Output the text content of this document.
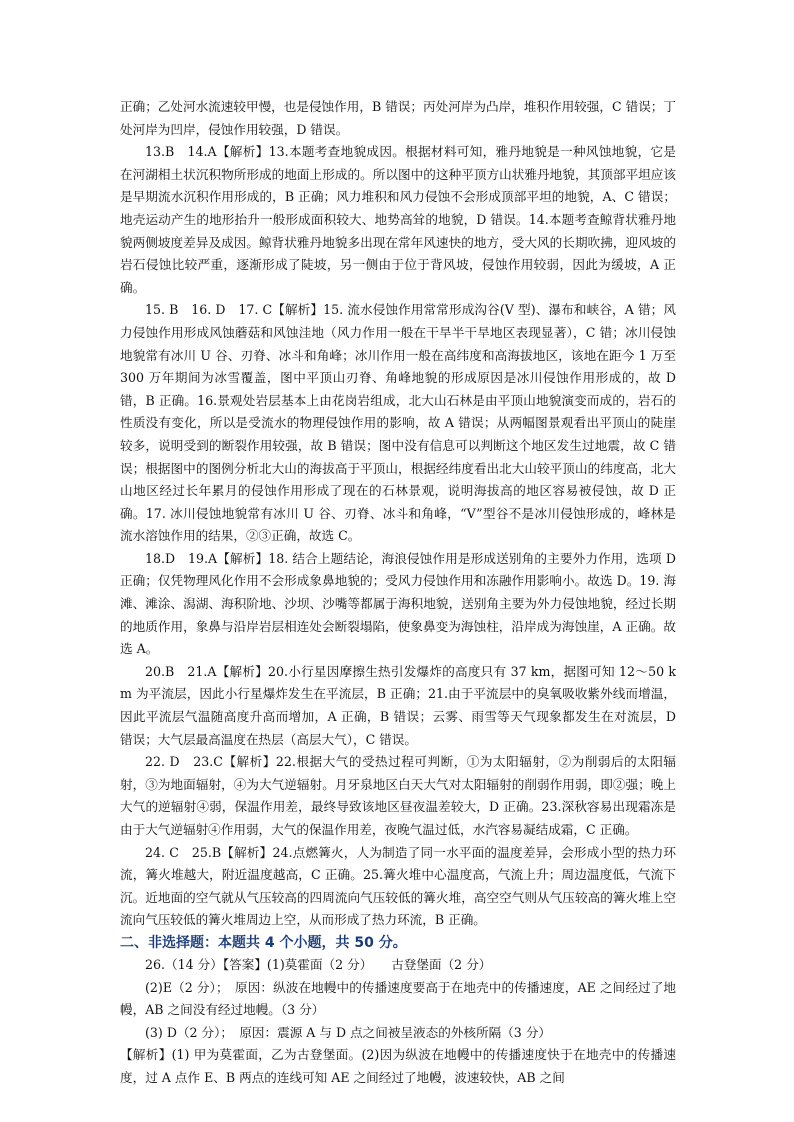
正确；乙处河水流速较甲慢，也是侵蚀作用，B 错误；丙处河岸为凸岸，堆积作用较强，C 错误；丁处河岸为凹岸，侵蚀作用较强，D 错误。

13.B　14.A【解析】13.本题考查地貌成因。根据材料可知，雅丹地貌是一种风蚀地貌，它是在河湖相土状沉积物所形成的地面上形成的。所以图中的这种平顶方山状雅丹地貌，其顶部平坦应该是早期流水沉积作用形成的，B 正确；风力堆积和风力侵蚀不会形成顶部平坦的地貌，A、C 错误；地壳运动产生的地形抬升一般形成面积较大、地势高耸的地貌，D 错误。14.本题考查鲸背状雅丹地貌两侧坡度差异及成因。鲸背状雅丹地貌多出现在常年风速快的地方，受大风的长期吹拂，迎风坡的岩石侵蚀比较严重，逐渐形成了陡坡，另一侧由于位于背风坡，侵蚀作用较弱，因此为缓坡，A 正确。

15. B　16. D　17. C【解析】15. 流水侵蚀作用常常形成沟谷(V 型)、瀑布和峡谷，A 错；风力侵蚀作用形成风蚀蘑菇和风蚀洼地（风力作用一般在干旱半干旱地区表现显著），C 错；冰川侵蚀地貌常有冰川 U 谷、刃脊、冰斗和角峰；冰川作用一般在高纬度和高海拔地区，该地在距今 1 万至 300 万年期间为冰雪覆盖，图中平顶山刃脊、角峰地貌的形成原因是冰川侵蚀作用形成的，故 D 错，B 正确。16.景观处岩层基本上由花岗岩组成，北大山石林是由平顶山地貌演变而成的，岩石的性质没有变化，所以是受流水的物理侵蚀作用的影响，故 A 错误；从两幅图景观看出平顶山的陡崖较多，说明受到的断裂作用较强，故 B 错误；图中没有信息可以判断这个地区发生过地震，故 C 错误；根据图中的图例分析北大山的海拔高于平顶山，根据经纬度看出北大山较平顶山的纬度高，北大山地区经过长年累月的侵蚀作用形成了现在的石林景观，说明海拔高的地区容易被侵蚀，故 D 正确。17. 冰川侵蚀地貌常有冰川 U 谷、刃脊、冰斗和角峰，“V”型谷不是冰川侵蚀形成的，峰林是流水溶蚀作用的结果，②③正确，故选 C。

18.D　19.A【解析】18. 结合上题结论，海浪侵蚀作用是形成送别角的主要外力作用，选项 D 正确；仅凭物理风化作用不会形成象鼻地貌的；受风力侵蚀作用和冻融作用影响小。故选 D。19. 海滩、滩涂、潟湖、海积阶地、沙坝、沙嘴等都属于海积地貌，送别角主要为外力侵蚀地貌，经过长期的地质作用，象鼻与沿岸岩层相连处会断裂塌陷，使象鼻变为海蚀柱，沿岸成为海蚀崖，A 正确。故选 A。

20.B　21.A【解析】20.小行星因摩擦生热引发爆炸的高度只有 37 km，据图可知 12～50 km 为平流层，因此小行星爆炸发生在平流层，B 正确；21.由于平流层中的臭氧吸收紫外线而增温，因此平流层气温随高度升高而增加，A 正确，B 错误；云雾、雨雪等天气现象都发生在对流层，D 错误；大气层最高温度在热层（高层大气），C 错误。

22. D　23.C【解析】22.根据大气的受热过程可判断，①为太阳辐射，②为削弱后的太阳辐射，③为地面辐射，④为大气逆辐射。月牙泉地区白天大气对太阳辐射的削弱作用弱，即②强；晚上大气的逆辐射④弱，保温作用差，最终导致该地区昼夜温差较大，D 正确。23.深秋容易出现霜冻是由于大气逆辐射④作用弱，大气的保温作用差，夜晚气温过低，水汽容易凝结成霜，C 正确。

24. C　25.B【解析】24.点燃篝火，人为制造了同一水平面的温度差异，会形成小型的热力环流，篝火堆越大，附近温度越高，C 正确。25.篝火堆中心温度高，气流上升；周边温度低，气流下沉。近地面的空气就从气压较高的四周流向气压较低的篝火堆，高空空气则从气压较高的篝火堆上空流向气压较低的篝火堆周边上空，从而形成了热力环流，B 正确。

二、非选择题：本题共 4 个小题，共 50 分。

26.（14 分）【答案】(1)莫霍面（2 分）　　古登堡面（2 分）

(2)E（2 分）；　原因：纵波在地幔中的传播速度要高于在地壳中的传播速度，AE 之间经过了地幔，AB 之间没有经过地幔。（3 分）

(3) D（2 分）；　原因：震源 A 与 D 点之间被呈液态的外核所隔（3 分）

【解析】(1) 甲为莫霍面，乙为古登堡面。(2)因为纵波在地幔中的传播速度快于在地壳中的传播速度，过 A 点作 E、B 两点的连线可知 AE 之间经过了地幔，波速较快，AB 之间
